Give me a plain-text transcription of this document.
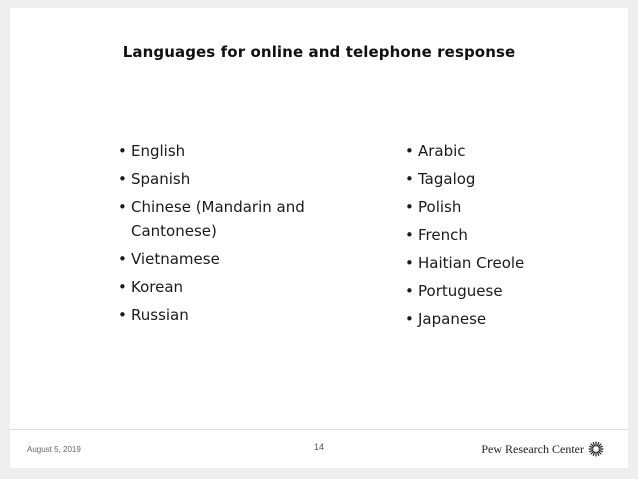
Languages for online and telephone response
• English
• Spanish
• Chinese (Mandarin and Cantonese)
• Vietnamese
• Korean
• Russian
• Arabic
• Tagalog
• Polish
• French
• Haitian Creole
• Portuguese
• Japanese
August 5, 2019	14	Pew Research Center
